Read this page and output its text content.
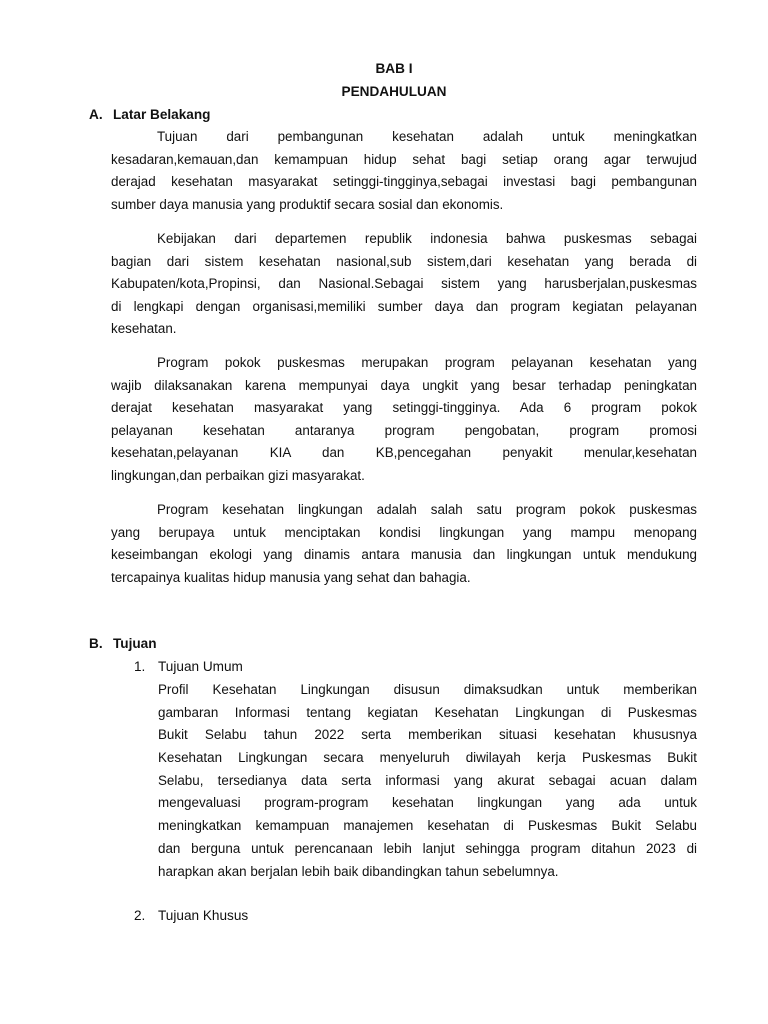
BAB I
PENDAHULUAN
A. Latar Belakang
Tujuan dari pembangunan kesehatan adalah untuk meningkatkan
kesadaran,kemauan,dan kemampuan hidup sehat bagi setiap orang agar terwujud
derajad kesehatan masyarakat setinggi-tingginya,sebagai investasi bagi pembangunan
sumber daya manusia yang produktif secara sosial dan ekonomis.
Kebijakan dari departemen republik indonesia bahwa puskesmas sebagai
bagian dari sistem kesehatan nasional,sub sistem,dari kesehatan yang berada di
Kabupaten/kota,Propinsi, dan Nasional.Sebagai sistem yang harusberjalan,puskesmas
di lengkapi dengan organisasi,memiliki sumber daya dan program kegiatan pelayanan
kesehatan.
Program pokok puskesmas merupakan program pelayanan kesehatan yang
wajib dilaksanakan karena mempunyai daya ungkit yang besar terhadap peningkatan
derajat kesehatan masyarakat yang setinggi-tingginya. Ada 6 program pokok
pelayanan kesehatan antaranya program pengobatan, program promosi
kesehatan,pelayanan KIA dan KB,pencegahan penyakit menular,kesehatan
lingkungan,dan perbaikan gizi masyarakat.
Program kesehatan lingkungan adalah salah satu program pokok puskesmas
yang berupaya untuk menciptakan kondisi lingkungan yang mampu menopang
keseimbangan ekologi yang dinamis antara manusia dan lingkungan untuk mendukung
tercapainya kualitas hidup manusia yang sehat dan bahagia.
B. Tujuan
1. Tujuan Umum
Profil Kesehatan Lingkungan disusun dimaksudkan untuk memberikan
gambaran Informasi tentang kegiatan Kesehatan Lingkungan di Puskesmas
Bukit Selabu tahun 2022 serta memberikan situasi kesehatan khususnya
Kesehatan Lingkungan secara menyeluruh diwilayah kerja Puskesmas Bukit
Selabu, tersedianya data serta informasi yang akurat sebagai acuan dalam
mengevaluasi program-program kesehatan lingkungan yang ada untuk
meningkatkan kemampuan manajemen kesehatan di Puskesmas Bukit Selabu
dan berguna untuk perencanaan lebih lanjut sehingga program ditahun 2023 di
harapkan akan berjalan lebih baik dibandingkan tahun sebelumnya.
2. Tujuan Khusus
